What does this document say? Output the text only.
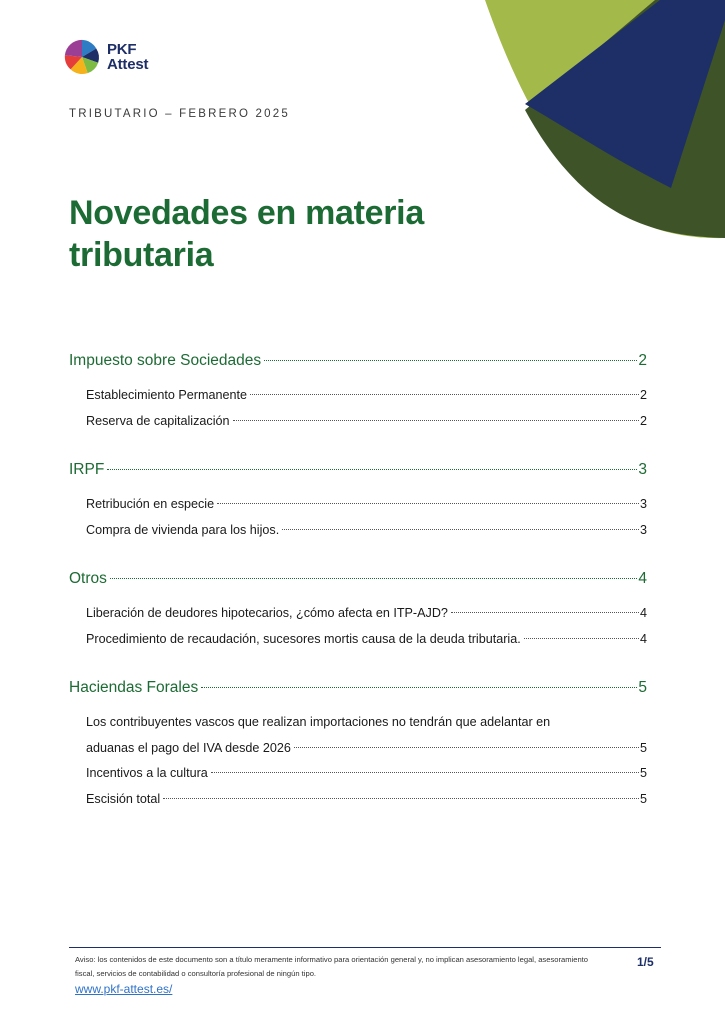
PKF
Attest
TRIBUTARIO – FEBRERO 2025
Novedades en materia tributaria
Impuesto sobre Sociedades	2
Establecimiento Permanente	2
Reserva de capitalización	2
IRPF	3
Retribución en especie	3
Compra de vivienda para los hijos.	3
Otros	4
Liberación de deudores hipotecarios, ¿cómo afecta en ITP-AJD?	4
Procedimiento de recaudación, sucesores mortis causa de la deuda tributaria.	4
Haciendas Forales	5
Los contribuyentes vascos que realizan importaciones no tendrán que adelantar en
aduanas el pago del IVA desde 2026	5
Incentivos a la cultura	5
Escisión total	5
Aviso: los contenidos de este documento son a título meramente informativo para orientación general y, no implican asesoramiento legal, asesoramiento fiscal, servicios de contabilidad o consultoría profesional de ningún tipo.
1/5
www.pkf-attest.es/
